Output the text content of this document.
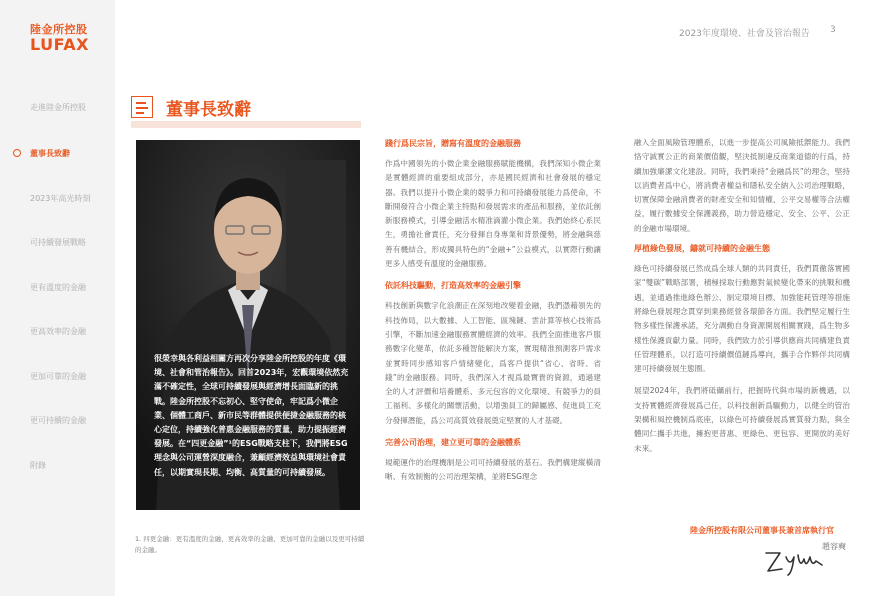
陸金所控股
LUFAX
走進陸金所控股
董事長致辭
2023年高光時刻
可持續發展戰略
更有溫度的金融
更高效率的金融
更加可靠的金融
更可持續的金融
附錄
2023年度環境、社會及管治報告 3
董事長致辭
很榮幸與各利益相關方再次分享陸金所控股的年度《環境、社會和管治報告》。回首2023年，宏觀環境依然充滿不確定性，全球可持續發展與經濟增長面臨新的挑戰。陸金所控股不忘初心、堅守使命，牢記爲小微企業、個體工商戶、新市民等群體提供便捷金融服務的核心定位，持續強化普惠金融服務的質量，助力提振經濟發展。在“四更金融”¹的ESG戰略支柱下，我們將ESG理念與公司運營深度融合，兼顧經濟效益與環境社會責任，以期實現長期、均衡、高質量的可持續發展。
1. 四更金融：更有溫度的金融、更高效率的金融、更加可靠的金融以及更可持續的金融。
踐行爲民宗旨，贈寫有溫度的金融服務

作爲中國領先的小微企業金融服務賦能機構，我們深知小微企業是實體經濟的重要組成部分，亦是國民經濟和社會發展的穩定器。我們以提升小微企業的競爭力和可持續發展能力爲使命，不斷開發符合小微企業主特點和發展需求的產品和服務，並依託創新服務模式，引導金融活水精准滴灌小微企業。我們始終心系民生，勇擔社會責任，充分發揮自身專業和背景優勢，將金融與慈善有機結合，形成獨具特色的“金融+”公益模式，以實際行動讓更多人感受有溫度的金融服務。

依託科技驅動，打造高效率的金融引擎

科技創新與數字化浪潮正在深刻地改變着金融，我們憑藉領先的科技佈局，以大數據、人工智能、區塊鏈、雲計算等核心技術爲引擎，不斷加速金融服務實體經濟的效率。我們全面推進客戶服務數字化變革，依託多種智能解決方案，實現精准預測客戶需求並實時同步感知客戶情緒變化，爲客戶提供“省心、省時、省錢”的金融服務。同時，我們深入才視爲最寶貴的資源，通過建全的人才評價和培養體系、多元包容的文化環境、有競爭力的員工福利、多樣化的關懷活動，以增強員工的歸屬感、促進員工充分發揮潛能，爲公司高質效發展奠定堅實的人才基礎。

完善公司治理，建立更可靠的金融體系

規範運作的治理機制是公司可持續發展的基石。我們構建縱橫清晰、有效制衡的公司治理架構，並將ESG理念

融入全面風險管理體系，以進一步提高公司風險抵禦能力。我們恪守誠實公正的商業價值觀，堅決抵制違反商業道德的行爲，持續加強廉潔文化建設。同時，我們秉持“金融爲民”的理念，堅持以消費者爲中心，將消費者權益和隱私安全納入公司治理戰略，切實保障金融消費者的財產安全和知情權、公平交易權等合法權益，履行數據安全保護義務，助力營造穩定、安全、公平、公正的金融市場環境。

厚植綠色發展，鑄就可持續的金融生態

綠色可持續發展已然成爲全球人類的共同責任，我們貫徹落實國家“雙碳”戰略部署，積極採取行動應對氣候變化帶來的挑戰和機遇，並通過推進綠色辦公、制定環境目標、加強能耗管理等措施將綠色發展理念貫穿到業務經營各環節各方面。我們堅定履行生物多樣性保護承諾，充分調動自身資源開展相關實踐，爲生物多樣性保護貢獻力量。同時，我們致力於引導供應商共同構建負責任管理體系，以打造可持續價值鏈爲導向，攜手合作夥伴共同構建可持續發展生態圈。

展望2024年，我們將砥礪前行，把握時代與市場的新機遇，以支持實體經濟發展爲己任，以科技創新爲驅動力，以健全的管治架構和風控機制爲底座，以綠色可持續發展爲實質發力點，與全體同仁攜手共進，擁抱更普惠、更綠色、更包容、更開放的美好未來。

陸金所控股有限公司董事長兼首席執行官
趙容奭
